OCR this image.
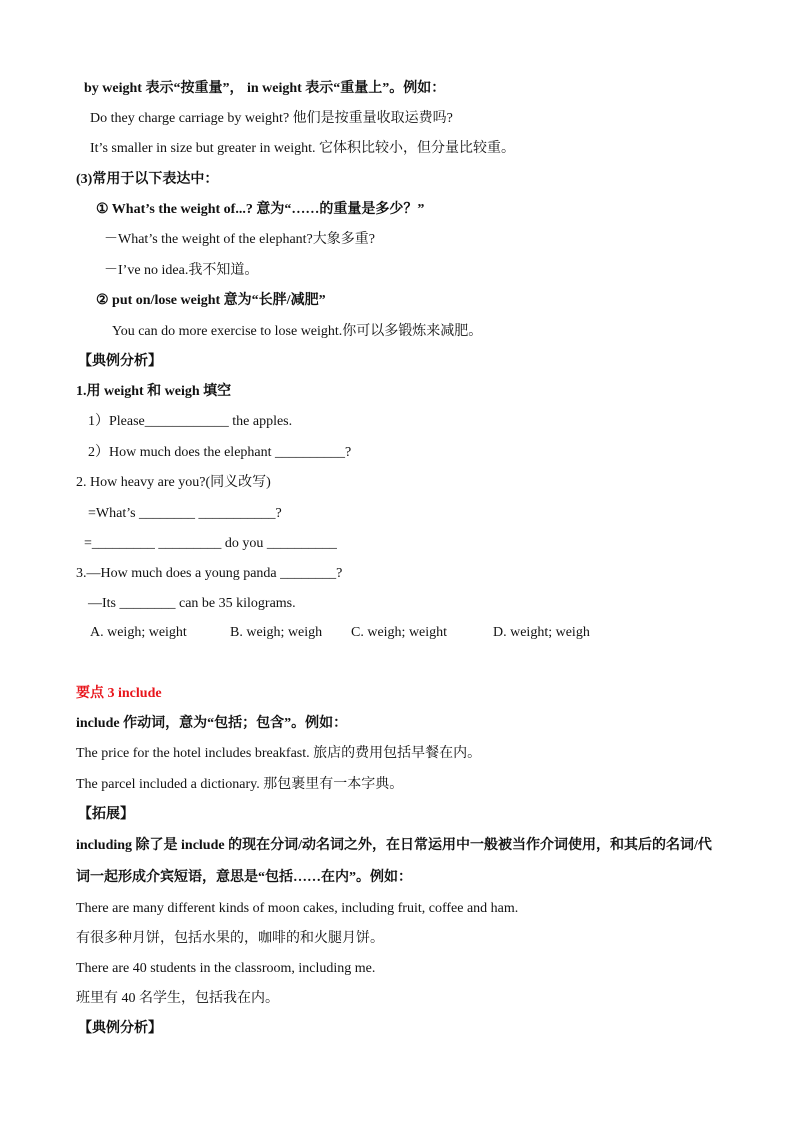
by weight 表示“按重量”， in weight 表示“重量上”。例如：
Do they charge carriage by weight? 他们是按重量收取运费吗?
It’s smaller in size but greater in weight. 它体积比较小，但分量比较重。
(3)常用于以下表达中：
① What’s the weight of...? 意为“……的重量是多少？”
－What’s the weight of the elephant?大象多重?
－I’ve no idea.我不知道。
② put on/lose weight 意为“长胖/减肥”
You can do more exercise to lose weight.你可以多锻炼来减肥。
【典例分析】
1.用 weight 和 weigh 填空
1）Please____________ the apples.
2）How much does the elephant __________?
2. How heavy are you?(同义改写)
=What’s ________ ___________?
=_________ _________ do you __________
3.—How much does a young panda ________?
—Its ________ can be 35 kilograms.
A. weigh; weight	B. weigh; weigh C. weigh; weight	D. weight; weigh
要点 3 include
include 作动词，意为“包括；包含”。例如：
The price for the hotel includes breakfast. 旅店的费用包括早餐在内。
The parcel included a dictionary. 那包裹里有一本字典。
【拓展】
including 除了是 include 的现在分词/动名词之外，在日常运用中一般被当作介词使用，和其后的名词/代
词一起形成介宾短语，意思是“包括……在内”。例如：
There are many different kinds of moon cakes, including fruit, coffee and ham.
有很多种月饼，包括水果的，咖啡的和火腿月饼。
There are 40 students in the classroom, including me.
班里有 40 名学生，包括我在内。
【典例分析】
